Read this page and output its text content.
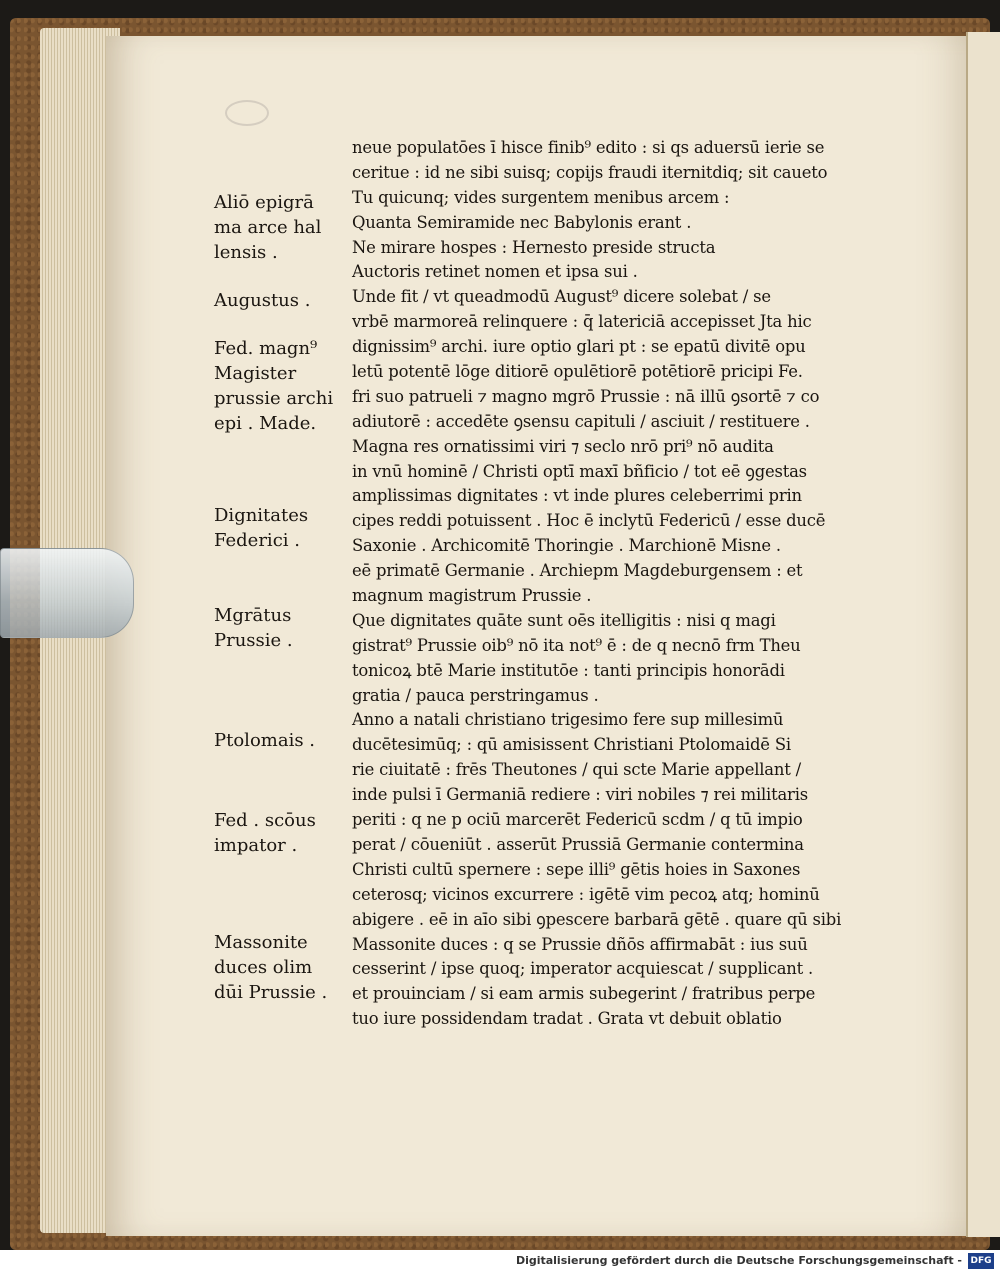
Aliō epigrā
ma arce hal
lensis .
Augustus .
Fed. magn⁹
Magister
prussie archi
epi . Made.
Dignitates
Federici .
Mgrātus
Prussie .
Ptolomais .
Fed . scōus
impator .
Massonite
duces olim
dūi Prussie .
neue populatōes ī hisce finib⁹ edito : si qs aduersū ierie se
ceritue : id ne sibi suisq; copijs fraudi iternitdiq; sit caueto
Tu quicunq; vides surgentem menibus arcem :
Quanta Semiramide nec Babylonis erant .
Ne mirare hospes : Hernesto preside structa
Auctoris retinet nomen et ipsa sui .
Unde fit / vt queadmodū August⁹ dicere solebat / se
vrbē marmoreā relinquere : q̄ latericiā accepisset Jta hic
dignissim⁹ archi. iure optio glari pt : se epatū divitē opu
letū potentē lōge ditiorē opulētiorē potētiorē pricipi Fe.
fri suo patrueli ⁊ magno mgrō Prussie : nā illū ꝯsortē ⁊ co
adiutorē : accedēte ꝯsensu capituli / asciuit / restituere .
Magna res ornatissimi viri ⁊ seclo nrō pri⁹ nō audita
in vnū hominē / Christi optī maxī bñficio / tot eē ꝯgestas
amplissimas dignitates : vt inde plures celeberrimi prin
cipes reddi potuissent . Hoc ē inclytū Federicū / esse ducē
Saxonie . Archicomitē Thoringie . Marchionē Misne .
eē primatē Germanie . Archiepm Magdeburgensem : et
magnum magistrum Prussie .
Que dignitates quāte sunt oēs itelligitis : nisi q magi
gistrat⁹ Prussie oib⁹ nō ita not⁹ ē : de q necnō frm Theu
tonicoꝝ btē Marie institutōe : tanti principis honorādi
gratia / pauca perstringamus .
Anno a natali christiano trigesimo fere sup millesimū
ducētesimūq; : qū amisissent Christiani Ptolomaidē Si
rie ciuitatē : frēs Theutones / qui scte Marie appellant /
inde pulsi ī Germaniā rediere : viri nobiles ⁊ rei militaris
periti : q ne p ociū marcerēt Federicū scdm / q tū impio
perat / cōueniūt . asserūt Prussiā Germanie contermina
Christi cultū spernere : sepe illi⁹ gētis hoies in Saxones
ceterosq; vicinos excurrere : igētē vim pecoꝝ atq; hominū
abigere . eē in aīo sibi ꝯpescere barbarā gētē . quare qū sibi
Massonite duces : q se Prussie dñōs affirmabāt : ius suū
cesserint / ipse quoq; imperator acquiescat / supplicant .
et prouinciam / si eam armis subegerint / fratribus perpe
tuo iure possidendam tradat . Grata vt debuit oblatio
Digitalisierung gefördert durch die Deutsche Forschungsgemeinschaft - DFG
